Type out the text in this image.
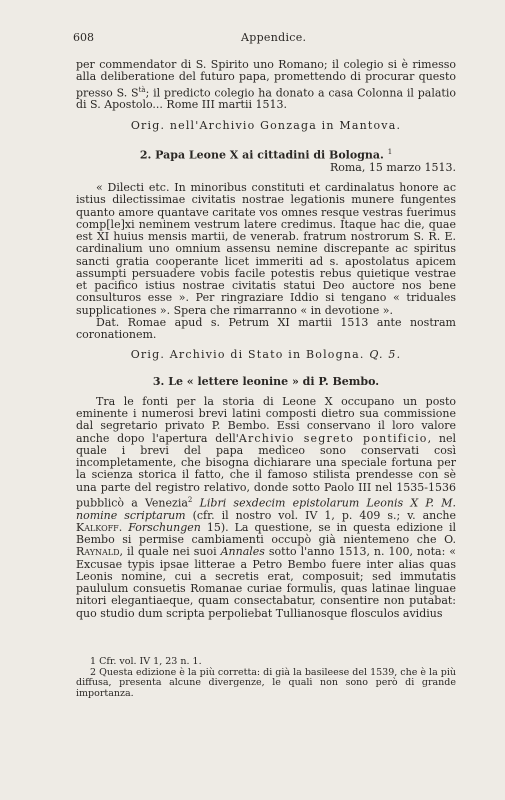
608	Appendice.

per commendator di S. Spirito uno Romano; il colegio si è rimesso alla deliberatione del futuro papa, promettendo di procurar questo presso S. $S^{tà}$; il predicto colegio ha donato a casa Colonna il palatio di S. Apostolo... Rome III martii 1513.

Orig. nell'Archivio Gonzaga in Mantova.

2. Papa Leone X ai cittadini di Bologna. $^1$

Roma, 15 marzo 1513.

« Dilecti etc. In minoribus constituti et cardinalatus honore ac istius dilectissimae civitatis nostrae legationis munere fungentes quanto amore quantave caritate vos omnes resque vestras fuerimus comp[le]xi neminem vestrum latere credimus. Itaque hac die, quae est XI huius mensis martii, de venerab. fratrum nostrorum S. R. E. cardinalium uno omnium assensu nemine discrepante ac spiritus sancti gratia cooperante licet immeriti ad s. apostolatus apicem assumpti persuadere vobis facile potestis rebus quietique vestrae et pacifico istius nostrae civitatis statui Deo auctore nos bene consulturos esse ». Per ringraziare Iddio si tengano « triduales supplicationes ». Spera che rimarranno « in devotione ».

Dat. Romae apud s. Petrum XI martii 1513 ante nostram coronationem.

Orig. Archivio di Stato in Bologna. Q. 5.

3. Le « lettere leonine » di P. Bembo.

Tra le fonti per la storia di Leone X occupano un posto eminente i numerosi brevi latini composti dietro sua commissione dal segretario privato P. Bembo. Essi conservano il loro valore anche dopo l'apertura dell'Archivio segreto pontificio, nel quale i brevi del papa medìceo sono conservati così incompletamente, che bisogna dichiarare una speciale fortuna per la scienza storica il fatto, che il famoso stilista prendesse con sè una parte del registro relativo, donde sotto Paolo III nel 1535-1536 pubblicò a Venezia$^2$ Libri sexdecim epistolarum Leonis X P. M. nomine scriptarum (cfr. il nostro vol. IV 1, p. 409 s.; v. anche Kalkoff. Forschungen 15). La questione, se in questa edizione il Bembo si permise cambiamenti occupò già nientemeno che O. Raynald, il quale nei suoi Annales sotto l'anno 1513, n. 100, nota: « Excusae typis ipsae litterae a Petro Bembo fuere inter alias quas Leonis nomine, cui a secretis erat, composuit; sed immutatis paululum consuetis Romanae curiae formulis, quas latinae linguae nitori elegantiaeque, quam consectabatur, consentire non putabat: quo studio dum scripta perpoliebat Tullianosque flosculos avidius

1 Cfr. vol. IV 1, 23 n. 1.

2 Questa edizione è la più corretta: di già la basileese del 1539, che è la più diffusa, presenta alcune divergenze, le quali non sono però di grande importanza.
